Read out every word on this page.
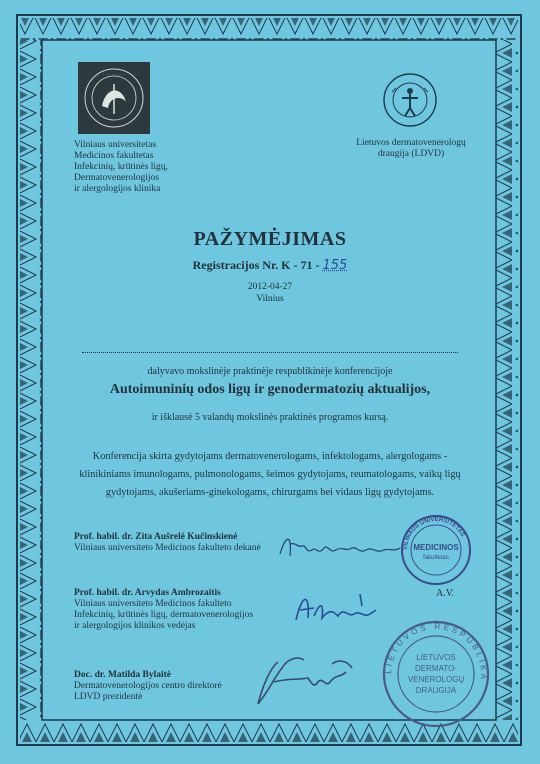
· · · · · · · ·
Vilniaus universitetas
Medicinos fakultetas
Infekcinių, krūtinės ligų,
Dermatovenerologijos
ir alergologijos klinika
Lietuvos dermatovenerologų
draugija (LDVD)
PAŽYMĖJIMAS
Registracijos Nr. K - 71 - 155
2012-04-27
Vilnius
dalyvavo mokslinėje praktinėje respublikinėje konferencijoje
Autoimuninių odos ligų ir genodermatozių aktualijos,
ir išklausė 5 valandų mokslinės praktinės programos kursą.
Konferencija skirta gydytojams dermatovenerologams, infektologams, alergologams -
klinikiniams imunologams, pulmonologams, šeimos gydytojams, reumatologams, vaikų ligų
gydytojams, akušeriams-ginekologams, chirurgams bei vidaus ligų gydytojams.
Prof. habil. dr. Zita Aušrelė Kučinskienė
Vilniaus universiteto Medicinos fakulteto dekanė
Prof. habil. dr. Arvydas Ambrozaitis
Vilniaus universiteto Medicinos fakulteto
Infekcinių, krūtinės ligų, dermatovenerologijos
ir alergologijos klinikos vedėjas
A.V.
Doc. dr. Matilda Bylaitė
Dermatovenerologijos centro direktorė
LDVD prezidentė
VILNIAUS UNIVERSITETAS
MEDICINOS
fakultetas
LIETUVOS RESPUBLIKA
LIETUVOS
DERMATO-
VENEROLOGŲ
DRAUGIJA
